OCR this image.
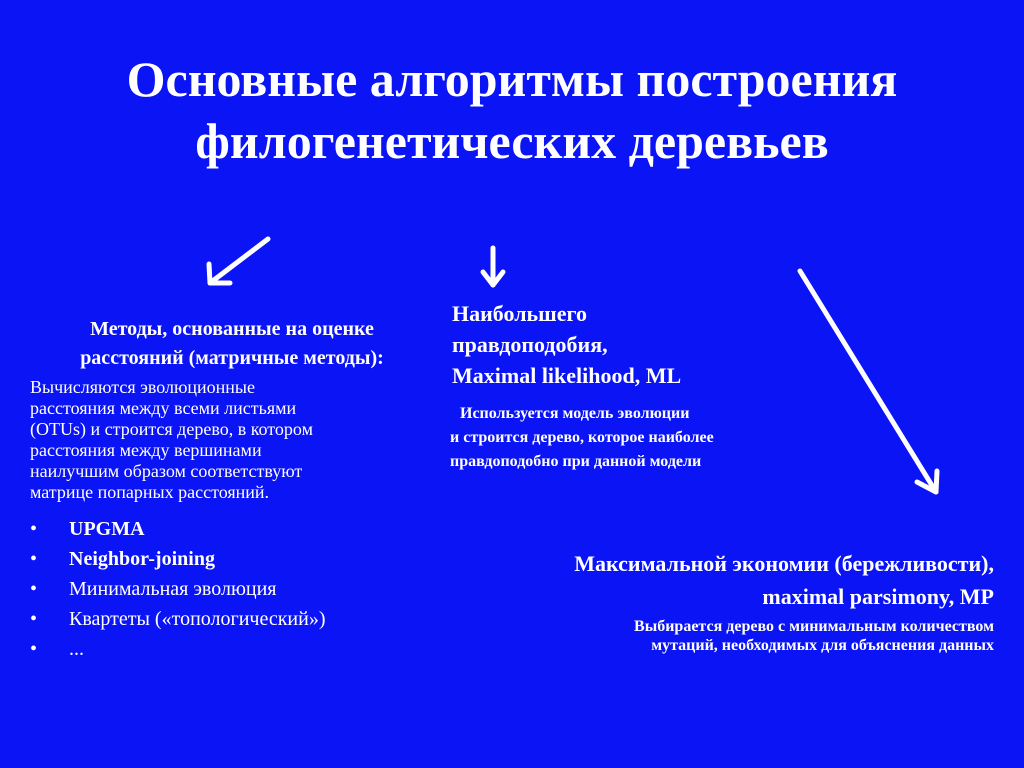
Основные алгоритмы построения
филогенетических деревьев
Методы, основанные на оценке
расстояний (матричные методы):
Вычисляются эволюционные
расстояния между всеми листьями
(OTUs) и строится дерево, в котором
расстояния между вершинами
наилучшим образом соответствуют
матрице попарных расстояний.
•	UPGMA
•	Neighbor-joining
•	Минимальная эволюция
•	Квартеты («топологический»)
•	...
Наибольшего
правдоподобия,
Maximal likelihood, ML
Используется модель эволюции
и строится дерево, которое наиболее
правдоподобно при данной модели
Максимальной экономии (бережливости),
maximal parsimony, MP
Выбирается дерево с минимальным количеством
мутаций, необходимых для объяснения данных
